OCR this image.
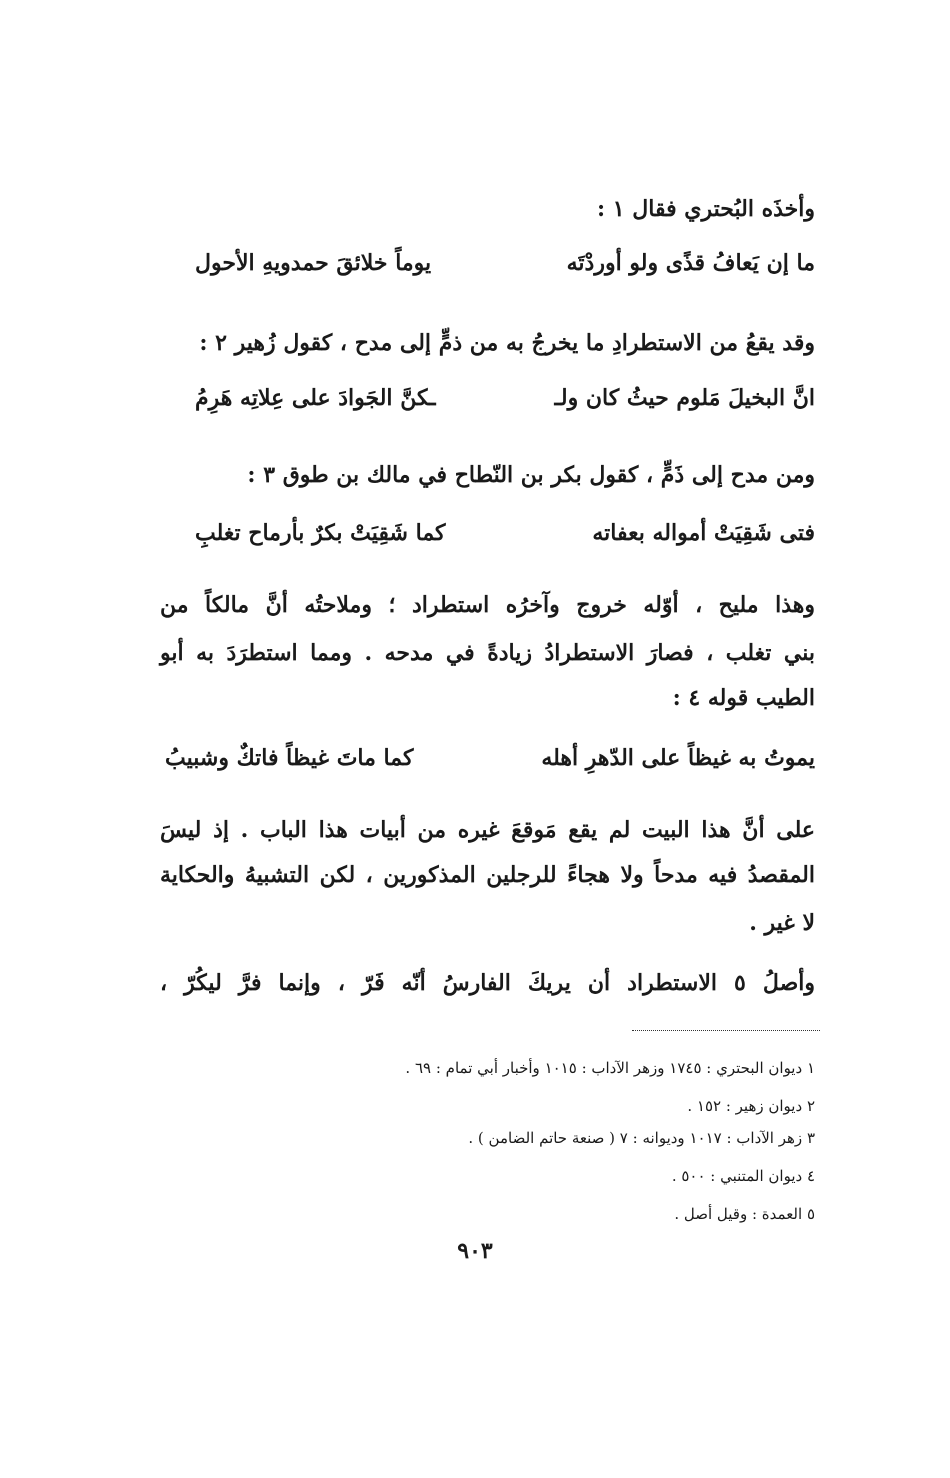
وأخذَه البُحتري فقال ١ :
ما إن يَعافُ قذًى ولو أوردْتَه
يوماً خلائقَ حمدويهِ الأحول
وقد يقعُ من الاستطرادِ ما يخرجُ به من ذمٍّ إلى مدح ، كقول زُهير ٢ :
انَّ البخيلَ مَلوم حيثُ كان ولـ
ـكنَّ الجَوادَ على عِلاتِه هَرِمُ
ومن مدح إلى ذَمٍّ ، كقول بكر بن النّطاح في مالك بن طوق ٣ :
فتى شَقِيَتْ أمواله بعفاته
كما شَقِيَتْ بكرٌ بأرماح تغلبِ
وهذا مليح ، أوّله خروج وآخرُه استطراد ؛ وملاحتُه أنَّ مالكاً من
بني تغلب ، فصارَ الاستطرادُ زيادةً في مدحه . ومما استطرَدَ به أبو
الطيب قوله ٤ :
يموتُ به غيظاً على الدّهرِ أهله
كما ماتَ غيظاً فاتكٌ وشبيبُ
على أنَّ هذا البيت لم يقع مَوقعَ غيره من أبيات هذا الباب . إذ ليسَ
المقصدُ فيه مدحاً ولا هجاءً للرجلين المذكورين ، لكن التشبيهُ والحكاية
لا غير .
وأصلُ ٥ الاستطراد أن يريكَ الفارسُ أنّه فَرّ ، وإنما فرَّ ليكُرّ ،
١ ديوان البحتري : ١٧٤٥ وزهر الآداب : ١٠١٥ وأخبار أبي تمام : ٦٩ .
٢ ديوان زهير : ١٥٢ .
٣ زهر الآداب : ١٠١٧ وديوانه : ٧ ( صنعة حاتم الضامن ) .
٤ ديوان المتنبي : ٥٠٠ .
٥ العمدة : وقيل أصل .
٩٠٣
